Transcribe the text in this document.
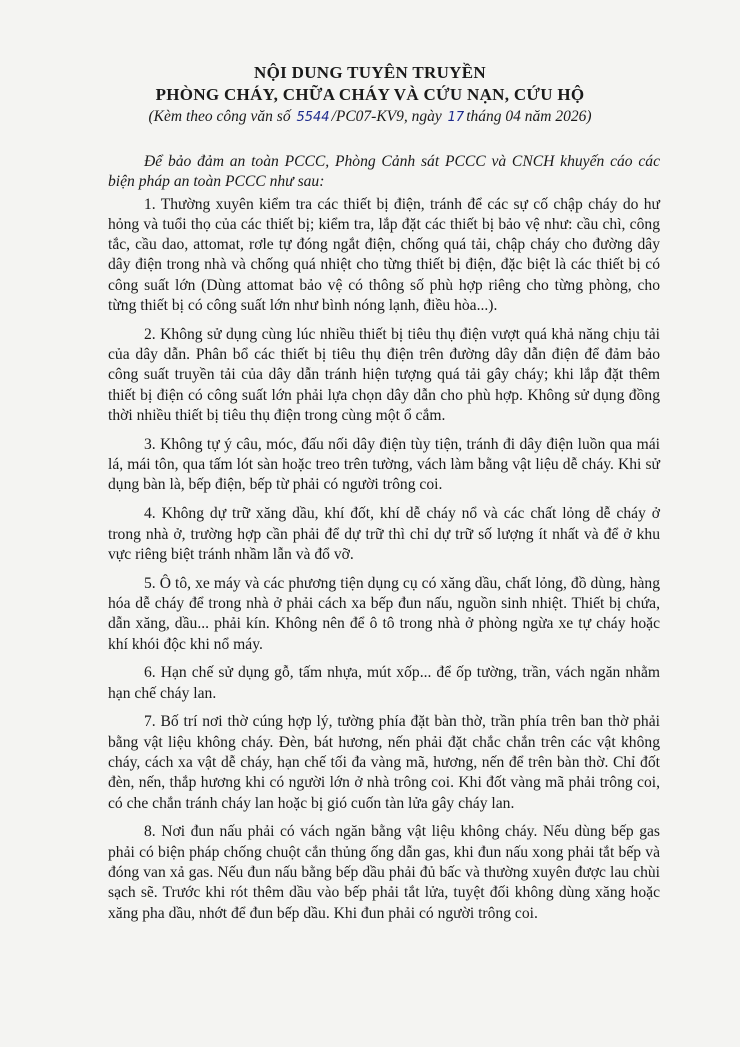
NỘI DUNG TUYÊN TRUYỀN
PHÒNG CHÁY, CHỮA CHÁY VÀ CỨU NẠN, CỨU HỘ
(Kèm theo công văn số 5544 /PC07-KV9, ngày 17 tháng 04 năm 2026)

Để bảo đảm an toàn PCCC, Phòng Cảnh sát PCCC và CNCH khuyến cáo các biện pháp an toàn PCCC như sau:

1. Thường xuyên kiểm tra các thiết bị điện, tránh để các sự cố chập cháy do hư hỏng và tuổi thọ của các thiết bị; kiểm tra, lắp đặt các thiết bị bảo vệ như: cầu chì, công tắc, cầu dao, attomat, rơle tự đóng ngắt điện, chống quá tải, chập cháy cho đường dây dây điện trong nhà và chống quá nhiệt cho từng thiết bị điện, đặc biệt là các thiết bị có công suất lớn (Dùng attomat bảo vệ có thông số phù hợp riêng cho từng phòng, cho từng thiết bị có công suất lớn như bình nóng lạnh, điều hòa...).

2. Không sử dụng cùng lúc nhiều thiết bị tiêu thụ điện vượt quá khả năng chịu tải của dây dẫn. Phân bổ các thiết bị tiêu thụ điện trên đường dây dẫn điện để đảm bảo công suất truyền tải của dây dẫn tránh hiện tượng quá tải gây cháy; khi lắp đặt thêm thiết bị điện có công suất lớn phải lựa chọn dây dẫn cho phù hợp. Không sử dụng đồng thời nhiều thiết bị tiêu thụ điện trong cùng một ổ cắm.

3. Không tự ý câu, móc, đấu nối dây điện tùy tiện, tránh đi dây điện luồn qua mái lá, mái tôn, qua tấm lót sàn hoặc treo trên tường, vách làm bằng vật liệu dễ cháy. Khi sử dụng bàn là, bếp điện, bếp từ phải có người trông coi.

4. Không dự trữ xăng dầu, khí đốt, khí dễ cháy nổ và các chất lỏng dễ cháy ở trong nhà ở, trường hợp cần phải để dự trữ thì chỉ dự trữ số lượng ít nhất và để ở khu vực riêng biệt tránh nhầm lẫn và đổ vỡ.

5. Ô tô, xe máy và các phương tiện dụng cụ có xăng dầu, chất lỏng, đồ dùng, hàng hóa dễ cháy để trong nhà ở phải cách xa bếp đun nấu, nguồn sinh nhiệt. Thiết bị chứa, dẫn xăng, dầu... phải kín. Không nên để ô tô trong nhà ở phòng ngừa xe tự cháy hoặc khí khói độc khi nổ máy.

6. Hạn chế sử dụng gỗ, tấm nhựa, mút xốp... để ốp tường, trần, vách ngăn nhằm hạn chế cháy lan.

7. Bố trí nơi thờ cúng hợp lý, tường phía đặt bàn thờ, trần phía trên ban thờ phải bằng vật liệu không cháy. Đèn, bát hương, nến phải đặt chắc chắn trên các vật không cháy, cách xa vật dễ cháy, hạn chế tối đa vàng mã, hương, nến để trên bàn thờ. Chỉ đốt đèn, nến, thắp hương khi có người lớn ở nhà trông coi. Khi đốt vàng mã phải trông coi, có che chắn tránh cháy lan hoặc bị gió cuốn tàn lửa gây cháy lan.

8. Nơi đun nấu phải có vách ngăn bằng vật liệu không cháy. Nếu dùng bếp gas phải có biện pháp chống chuột cắn thủng ống dẫn gas, khi đun nấu xong phải tắt bếp và đóng van xả gas. Nếu đun nấu bằng bếp dầu phải đủ bấc và thường xuyên được lau chùi sạch sẽ. Trước khi rót thêm dầu vào bếp phải tắt lửa, tuyệt đối không dùng xăng hoặc xăng pha dầu, nhớt để đun bếp dầu. Khi đun phải có người trông coi.
